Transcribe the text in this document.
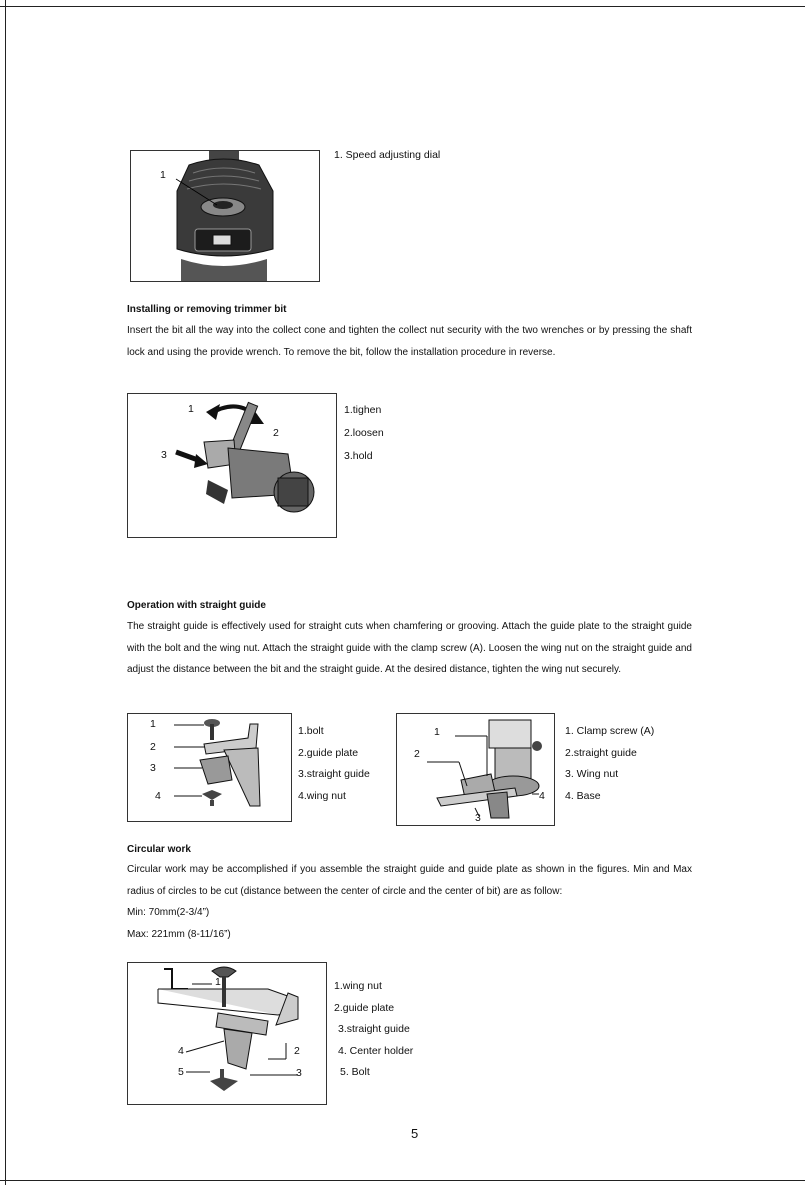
1
1. Speed adjusting dial
Installing or removing trimmer bit

Insert the bit all the way into the collect cone and tighten the collect nut security with the two wrenches or by pressing the shaft lock and using the provide wrench. To remove the bit, follow the installation procedure in reverse.

1
2
3
1.tighen
2.loosen
3.hold
Operation with straight guide

The straight guide is effectively used for straight cuts when chamfering or grooving. Attach the guide plate to the straight guide with the bolt and the wing nut. Attach the straight guide with the clamp screw (A). Loosen the wing nut on the straight guide and adjust the distance between the bit and the straight guide. At the desired distance, tighten the wing nut securely.

1
2
3
4
1.bolt
2.guide plate
3.straight guide
4.wing nut
1
2
3
4
1. Clamp screw (A)
2.straight guide
3. Wing nut
4. Base
Circular work

Circular work may be accomplished if you assemble the straight guide and guide plate as shown in the figures. Min and Max radius of circles to be cut (distance between the center of circle and the center of bit) are as follow:

Min: 70mm(2-3/4”)

Max: 221mm (8-11/16”)

1
2
3
4
5
1.wing nut
2.guide plate
3.straight guide
4. Center holder
5. Bolt
5
